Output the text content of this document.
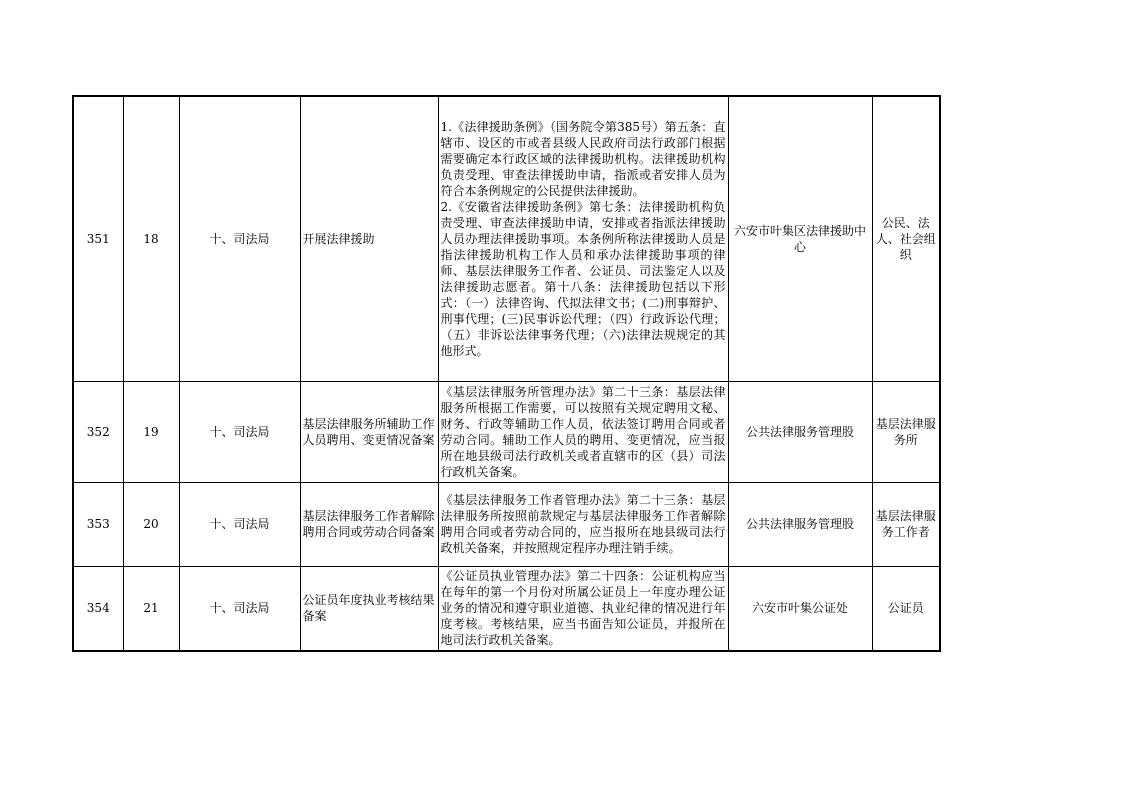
351	18	十、司法局	开展法律援助	1.《法律援助条例》（国务院令第385号）第五条：直辖市、设区的市或者县级人民政府司法行政部门根据需要确定本行政区域的法律援助机构。法律援助机构负责受理、审查法律援助申请，指派或者安排人员为符合本条例规定的公民提供法律援助。

2.《安徽省法律援助条例》第七条：法律援助机构负责受理、审查法律援助申请，安排或者指派法律援助人员办理法律援助事项。本条例所称法律援助人员是指法律援助机构工作人员和承办法律援助事项的律师、基层法律服务工作者、公证员、司法鉴定人以及法律援助志愿者。第十八条：法律援助包括以下形式：（一）法律咨询、代拟法律文书；(二)刑事辩护、刑事代理；(三)民事诉讼代理；（四）行政诉讼代理；（五）非诉讼法律事务代理；（六)法律法规规定的其他形式。	六安市叶集区法律援助中心	公民、法人、社会组织
352	19	十、司法局	基层法律服务所辅助工作人员聘用、变更情况备案	《基层法律服务所管理办法》第二十三条：基层法律服务所根据工作需要，可以按照有关规定聘用文秘、财务、行政等辅助工作人员，依法签订聘用合同或者劳动合同。辅助工作人员的聘用、变更情况，应当报所在地县级司法行政机关或者直辖市的区（县）司法行政机关备案。	公共法律服务管理股	基层法律服务所
353	20	十、司法局	基层法律服务工作者解除聘用合同或劳动合同备案	《基层法律服务工作者管理办法》第二十三条：基层法律服务所按照前款规定与基层法律服务工作者解除聘用合同或者劳动合同的，应当报所在地县级司法行政机关备案，并按照规定程序办理注销手续。	公共法律服务管理股	基层法律服务工作者
354	21	十、司法局	公证员年度执业考核结果备案	《公证员执业管理办法》第二十四条：公证机构应当在每年的第一个月份对所属公证员上一年度办理公证业务的情况和遵守职业道德、执业纪律的情况进行年度考核。考核结果，应当书面告知公证员，并报所在地司法行政机关备案。	六安市叶集公证处	公证员
